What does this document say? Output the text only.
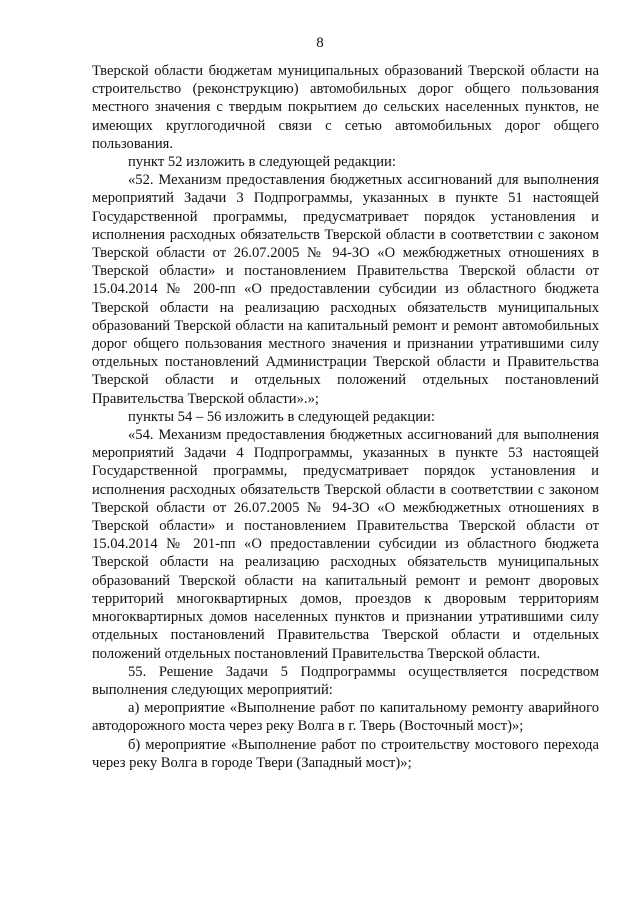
8

Тверской области бюджетам муниципальных образований Тверской области на строительство (реконструкцию) автомобильных дорог общего пользования местного значения с твердым покрытием до сельских населенных пунктов, не имеющих круглогодичной связи с сетью автомобильных дорог общего пользования.

пункт 52 изложить в следующей редакции:

«52. Механизм предоставления бюджетных ассигнований для выполнения мероприятий Задачи 3 Подпрограммы, указанных в пункте 51 настоящей Государственной программы, предусматривает порядок установления и исполнения расходных обязательств Тверской области в соответствии с законом Тверской области от 26.07.2005 № 94-ЗО «О межбюджетных отношениях в Тверской области» и постановлением Правительства Тверской области от 15.04.2014 № 200-пп «О предоставлении субсидии из областного бюджета Тверской области на реализацию расходных обязательств муниципальных образований Тверской области на капитальный ремонт и ремонт автомобильных дорог общего пользования местного значения и признании утратившими силу отдельных постановлений Администрации Тверской области и Правительства Тверской области и отдельных положений отдельных постановлений Правительства Тверской области».»;

пункты 54 – 56 изложить в следующей редакции:

«54. Механизм предоставления бюджетных ассигнований для выполнения мероприятий Задачи 4 Подпрограммы, указанных в пункте 53 настоящей Государственной программы, предусматривает порядок установления и исполнения расходных обязательств Тверской области в соответствии с законом Тверской области от 26.07.2005 № 94-ЗО «О межбюджетных отношениях в Тверской области» и постановлением Правительства Тверской области от 15.04.2014 № 201-пп «О предоставлении субсидии из областного бюджета Тверской области на реализацию расходных обязательств муниципальных образований Тверской области на капитальный ремонт и ремонт дворовых территорий многоквартирных домов, проездов к дворовым территориям многоквартирных домов населенных пунктов и признании утратившими силу отдельных постановлений Правительства Тверской области и отдельных положений отдельных постановлений Правительства Тверской области.

55. Решение Задачи 5 Подпрограммы осуществляется посредством выполнения следующих мероприятий:

а) мероприятие «Выполнение работ по капитальному ремонту аварийного автодорожного моста через реку Волга в г. Тверь (Восточный мост)»;

б) мероприятие «Выполнение работ по строительству мостового перехода через реку Волга в городе Твери (Западный мост)»;
